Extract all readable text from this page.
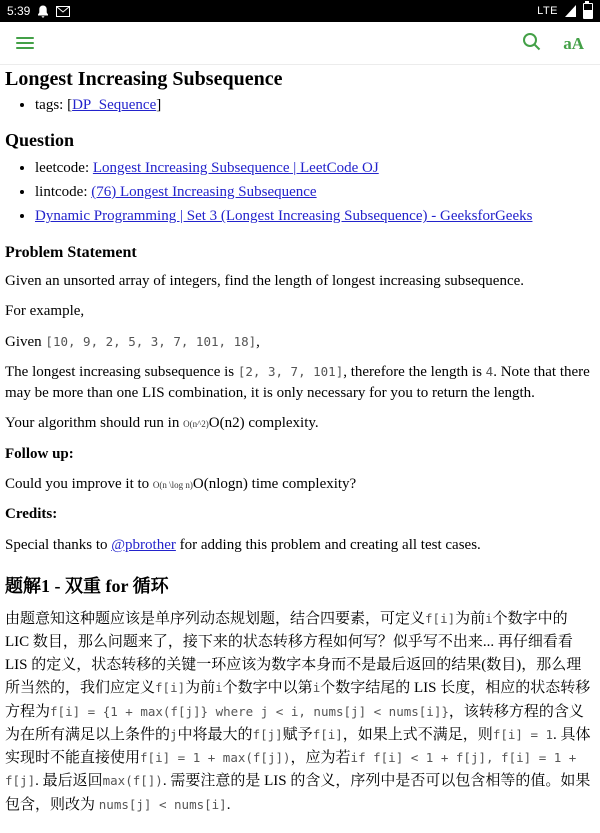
5:39	LTE
aA
Longest Increasing Subsequence
• tags: [DP_Sequence]
Question
• leetcode: Longest Increasing Subsequence | LeetCode OJ
• lintcode: (76) Longest Increasing Subsequence
• Dynamic Programming | Set 3 (Longest Increasing Subsequence) - GeeksforGeeks
Problem Statement

Given an unsorted array of integers, find the length of longest increasing subsequence.

For example,

Given [10, 9, 2, 5, 3, 7, 101, 18],

The longest increasing subsequence is [2, 3, 7, 101], therefore the length is 4. Note that there may be more than one LIS combination, it is only necessary for you to return the length.

Your algorithm should run in O(n^2)O(n2) complexity.

Follow up:

Could you improve it to O(n \log n)O(nlogn) time complexity?

Credits:

Special thanks to @pbrother for adding this problem and creating all test cases.

题解1 - 双重 for 循环

由题意知这种题应该是单序列动态规划题，结合四要素，可定义f[i]为前i个数字中的 LIC 数目，那么问题来了，接下来的状态转移方程如何写？似乎写不出来... 再仔细看看 LIS 的定义，状态转移的关键一环应该为数字本身而不是最后返回的结果(数目)，那么理所当然的，我们应定义f[i]为前i个数字中以第i个数字结尾的 LIS 长度，相应的状态转移方程为f[i] = {1 + max(f[j]} where j < i, nums[j] < nums[i]}，该转移方程的含义为在所有满足以上条件的j中将最大的f[j]赋予f[i]，如果上式不满足，则f[i] = 1. 具体实现时不能直接使用f[i] = 1 + max(f[j])，应为若if f[i] < 1 + f[j], f[i] = 1 + f[j]. 最后返回max(f[]). 需要注意的是 LIS 的含义，序列中是否可以包含相等的值。如果包含，则改为 nums[j] < nums[i].
